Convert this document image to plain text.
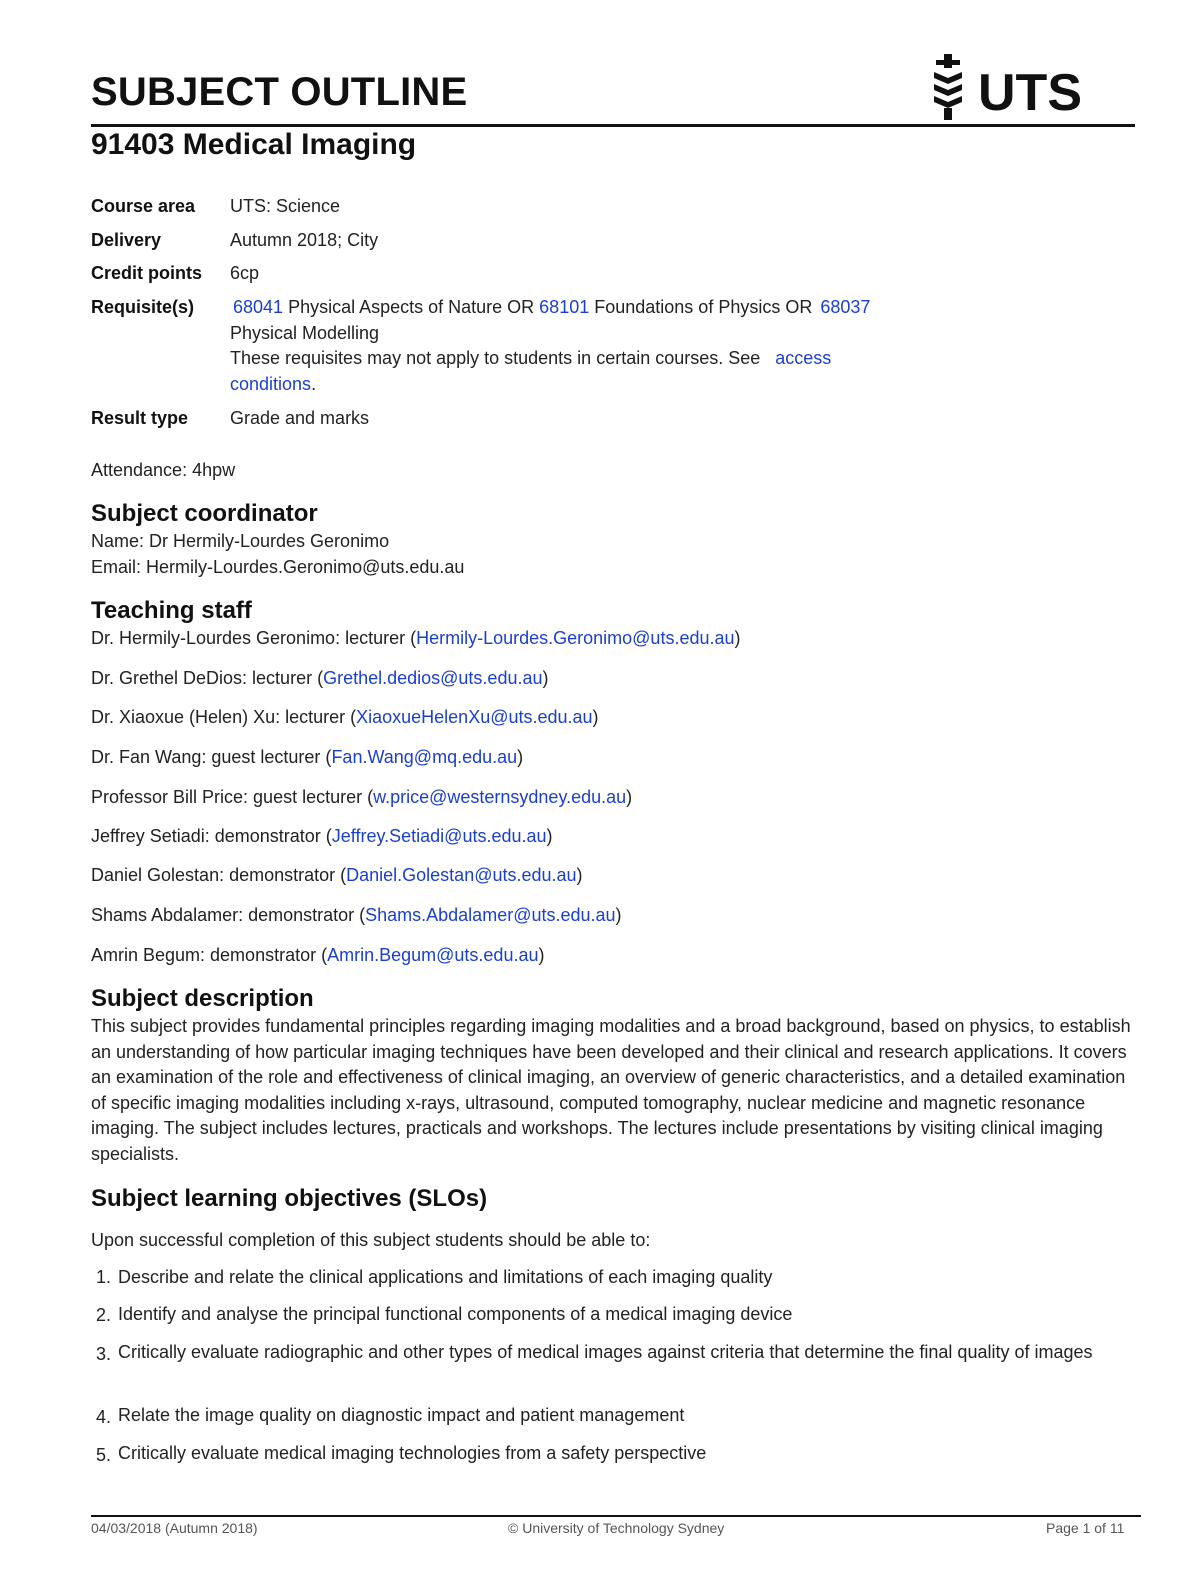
SUBJECT OUTLINE	UTS
91403 Medical Imaging
Course area UTS: Science
Delivery	Autumn 2018; City
Credit points 6cp
Requisite(s) 68041 Physical Aspects of Nature OR 68101 Foundations of Physics OR 68037
Physical Modelling
These requisites may not apply to students in certain courses. See access
conditions.
Result type Grade and marks
Attendance: 4hpw
Subject coordinator
Name: Dr Hermily-Lourdes Geronimo
Email: Hermily-Lourdes.Geronimo@uts.edu.au
Teaching staff
Dr. Hermily-Lourdes Geronimo: lecturer (Hermily-Lourdes.Geronimo@uts.edu.au)
Dr. Grethel DeDios: lecturer (Grethel.dedios@uts.edu.au)
Dr. Xiaoxue (Helen) Xu: lecturer (XiaoxueHelenXu@uts.edu.au)
Dr. Fan Wang: guest lecturer (Fan.Wang@mq.edu.au)
Professor Bill Price: guest lecturer (w.price@westernsydney.edu.au)
Jeffrey Setiadi: demonstrator (Jeffrey.Setiadi@uts.edu.au)
Daniel Golestan: demonstrator (Daniel.Golestan@uts.edu.au)
Shams Abdalamer: demonstrator (Shams.Abdalamer@uts.edu.au)
Amrin Begum: demonstrator (Amrin.Begum@uts.edu.au)
Subject description
This subject provides fundamental principles regarding imaging modalities and a broad background, based on physics, to establish an understanding of how particular imaging techniques have been developed and their clinical and research applications. It covers an examination of the role and effectiveness of clinical imaging, an overview of generic characteristics, and a detailed examination of specific imaging modalities including x-rays, ultrasound, computed tomography, nuclear medicine and magnetic resonance imaging. The subject includes lectures, practicals and workshops. The lectures include presentations by visiting clinical imaging specialists.
Subject learning objectives (SLOs)
Upon successful completion of this subject students should be able to:
1. Describe and relate the clinical applications and limitations of each imaging quality
2. Identify and analyse the principal functional components of a medical imaging device
3. Critically evaluate radiographic and other types of medical images against criteria that determine the final quality of images
4. Relate the image quality on diagnostic impact and patient management
5. Critically evaluate medical imaging technologies from a safety perspective
04/03/2018 (Autumn 2018)	© University of Technology Sydney	Page 1 of 11
